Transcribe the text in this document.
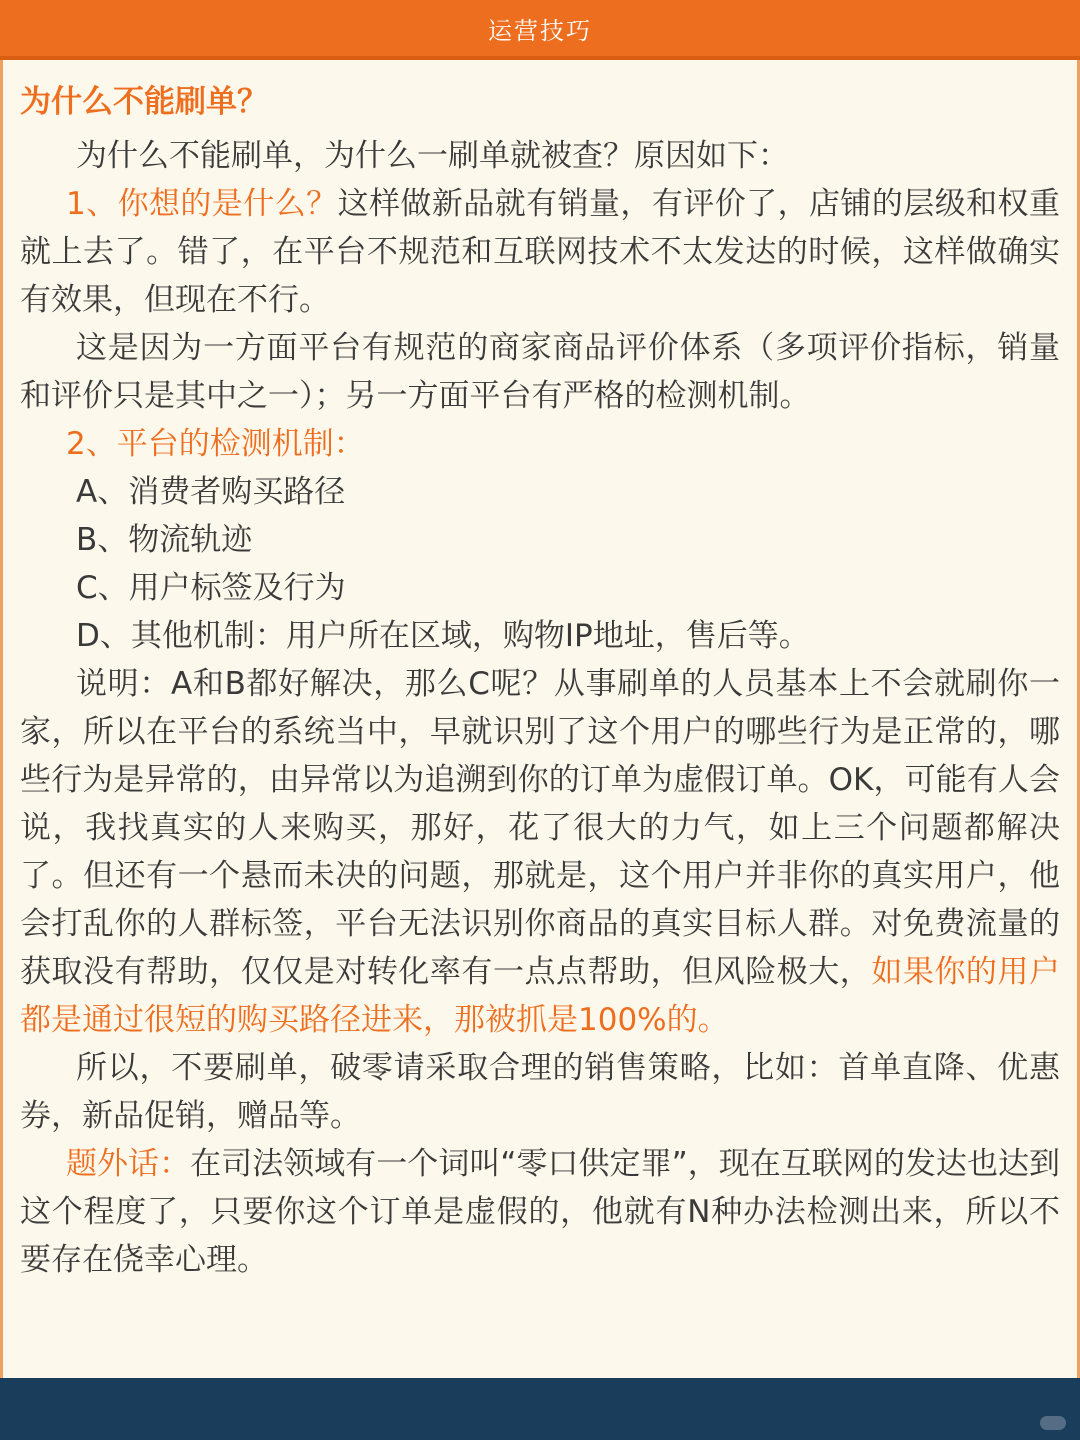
运营技巧
为什么不能刷单？

为什么不能刷单，为什么一刷单就被查？原因如下：

1、你想的是什么？这样做新品就有销量，有评价了，店铺的层级和权重就上去了。错了，在平台不规范和互联网技术不太发达的时候，这样做确实有效果，但现在不行。

这是因为一方面平台有规范的商家商品评价体系（多项评价指标，销量和评价只是其中之一）；另一方面平台有严格的检测机制。

2、平台的检测机制：

A、消费者购买路径

B、物流轨迹

C、用户标签及行为

D、其他机制：用户所在区域，购物IP地址，售后等。

说明：A和B都好解决，那么C呢？从事刷单的人员基本上不会就刷你一家，所以在平台的系统当中，早就识别了这个用户的哪些行为是正常的，哪些行为是异常的，由异常以为追溯到你的订单为虚假订单。OK，可能有人会说，我找真实的人来购买，那好，花了很大的力气，如上三个问题都解决了。但还有一个悬而未决的问题，那就是，这个用户并非你的真实用户，他会打乱你的人群标签，平台无法识别你商品的真实目标人群。对免费流量的获取没有帮助，仅仅是对转化率有一点点帮助，但风险极大，如果你的用户都是通过很短的购买路径进来，那被抓是100%的。

所以，不要刷单，破零请采取合理的销售策略，比如：首单直降、优惠券，新品促销，赠品等。

题外话：在司法领域有一个词叫“零口供定罪”，现在互联网的发达也达到这个程度了，只要你这个订单是虚假的，他就有N种办法检测出来，所以不要存在侥幸心理。
